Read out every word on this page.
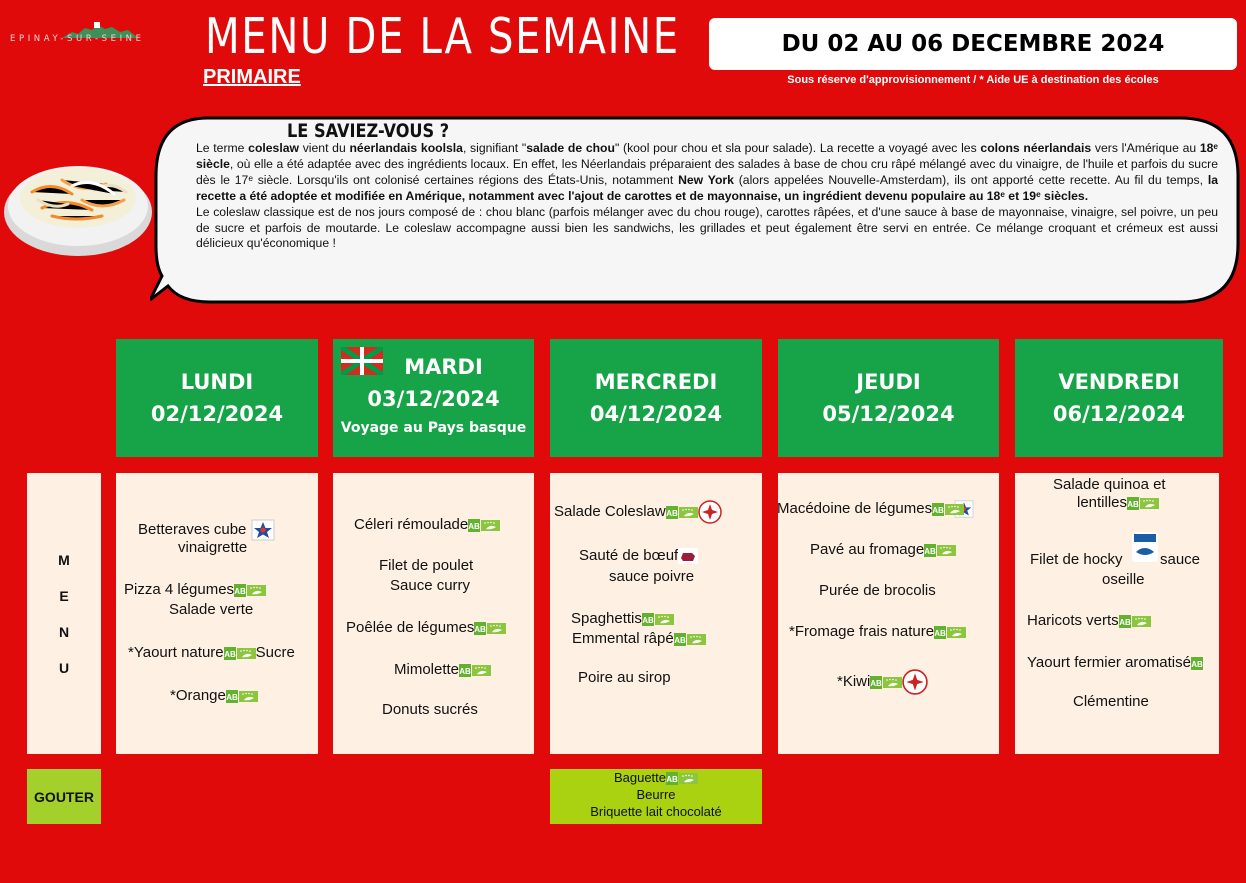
EPINAY-SUR-SEINE	MENU DE LA SEMAINE
PRIMAIRE
DU 02 AU 06 DECEMBRE 2024
Sous réserve d'approvisionnement / * Aide UE à destination des écoles
LE SAVIEZ-VOUS ?

Le terme coleslaw vient du néerlandais koolsla, signifiant "salade de chou" (kool pour chou et sla pour salade). La recette a voyagé avec les colons néerlandais vers l'Amérique au 18ᵉ siècle, où elle a été adaptée avec des ingrédients locaux. En effet, les Néerlandais préparaient des salades à base de chou cru râpé mélangé avec du vinaigre, de l'huile et parfois du sucre dès le 17ᵉ siècle. Lorsqu'ils ont colonisé certaines régions des États-Unis, notamment New York (alors appelées Nouvelle-Amsterdam), ils ont apporté cette recette. Au fil du temps, la recette a été adoptée et modifiée en Amérique, notamment avec l'ajout de carottes et de mayonnaise, un ingrédient devenu populaire au 18ᵉ et 19ᵉ siècles.

Le coleslaw classique est de nos jours composé de : chou blanc (parfois mélanger avec du chou rouge), carottes râpées, et d'une sauce à base de mayonnaise, vinaigre, sel poivre, un peu de sucre et parfois de moutarde. Le coleslaw accompagne aussi bien les sandwichs, les grillades et peut également être servi en entrée. Ce mélange croquant et crémeux est aussi délicieux qu'économique !

LUNDI
02/12/2024
MARDI
03/12/2024
Voyage au Pays basque
MERCREDI
04/12/2024
JEUDI
05/12/2024
VENDREDI
06/12/2024
M
E
N
U
Betteraves cube
vinaigrette
Pizza 4 légumes AB
Salade verte
*Yaourt nature AB Sucre
*Orange AB
Céleri rémoulade AB
Filet de poulet
Sauce curry
Poêlée de légumes AB
Mimolette AB
Donuts sucrés
Salade Coleslaw AB
Sauté de bœuf
sauce poivre
Spaghettis AB
Emmental râpé AB
Poire au sirop
Macédoine de légumes AB
Pavé au fromage AB
Purée de brocolis
*Fromage frais nature AB
*Kiwi AB
Salade quinoa et
lentilles AB
Filet de hocky sauce
oseille
Haricots verts AB
Yaourt fermier aromatisé AB
Clémentine
GOUTER
Baguette AB
Beurre
Briquette lait chocolaté
